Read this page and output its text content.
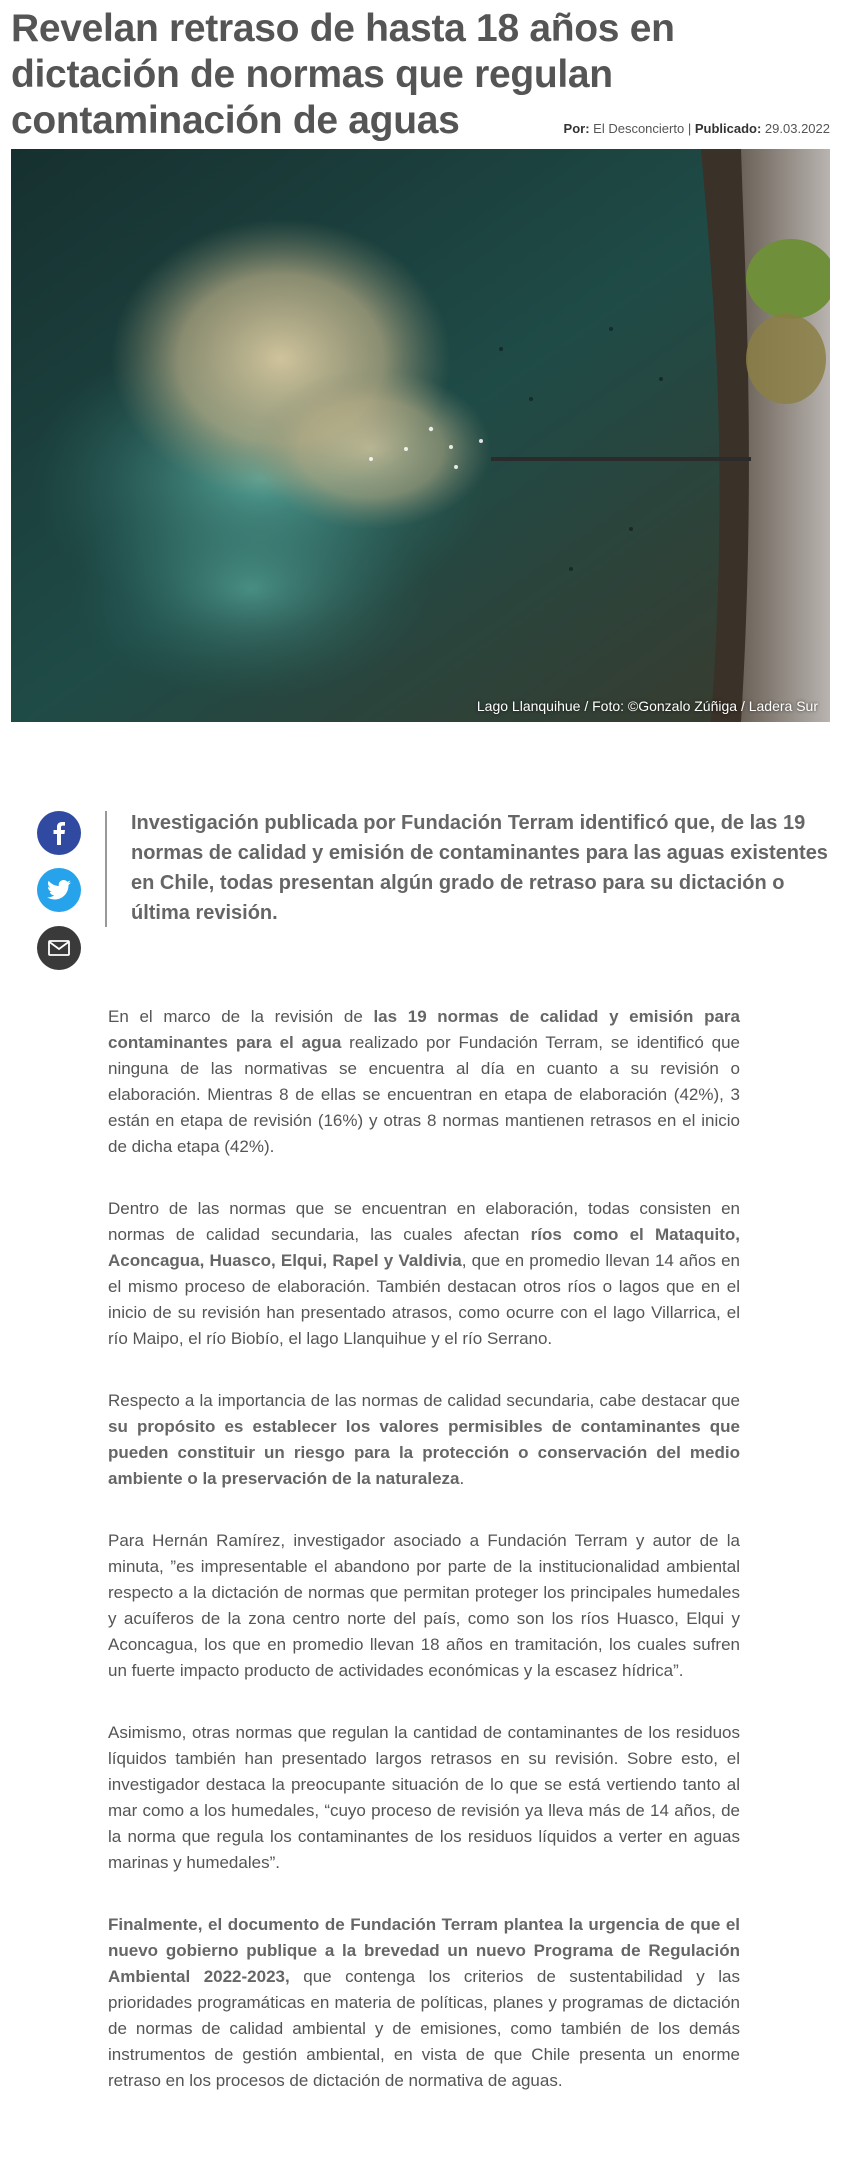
Revelan retraso de hasta 18 años en dictación de normas que regulan contaminación de aguas	Por: El Desconcierto | Publicado: 29.03.2022
Lago Llanquihue / Foto: ©Gonzalo Zúñiga / Ladera Sur

Investigación publicada por Fundación Terram identificó que, de las 19 normas de calidad y emisión de contaminantes para las aguas existentes en Chile, todas presentan algún grado de retraso para su dictación o última revisión.

En el marco de la revisión de las 19 normas de calidad y emisión para contaminantes para el agua realizado por Fundación Terram, se identificó que ninguna de las normativas se encuentra al día en cuanto a su revisión o elaboración. Mientras 8 de ellas se encuentran en etapa de elaboración (42%), 3 están en etapa de revisión (16%) y otras 8 normas mantienen retrasos en el inicio de dicha etapa (42%).

Dentro de las normas que se encuentran en elaboración, todas consisten en normas de calidad secundaria, las cuales afectan ríos como el Mataquito, Aconcagua, Huasco, Elqui, Rapel y Valdivia, que en promedio llevan 14 años en el mismo proceso de elaboración. También destacan otros ríos o lagos que en el inicio de su revisión han presentado atrasos, como ocurre con el lago Villarrica, el río Maipo, el río Biobío, el lago Llanquihue y el río Serrano.

Respecto a la importancia de las normas de calidad secundaria, cabe destacar que su propósito es establecer los valores permisibles de contaminantes que pueden constituir un riesgo para la protección o conservación del medio ambiente o la preservación de la naturaleza.

Para Hernán Ramírez, investigador asociado a Fundación Terram y autor de la minuta, ”es impresentable el abandono por parte de la institucionalidad ambiental respecto a la dictación de normas que permitan proteger los principales humedales y acuíferos de la zona centro norte del país, como son los ríos Huasco, Elqui y Aconcagua, los que en promedio llevan 18 años en tramitación, los cuales sufren un fuerte impacto producto de actividades económicas y la escasez hídrica”.

Asimismo, otras normas que regulan la cantidad de contaminantes de los residuos líquidos también han presentado largos retrasos en su revisión. Sobre esto, el investigador destaca la preocupante situación de lo que se está vertiendo tanto al mar como a los humedales, “cuyo proceso de revisión ya lleva más de 14 años, de la norma que regula los contaminantes de los residuos líquidos a verter en aguas marinas y humedales”.

Finalmente, el documento de Fundación Terram plantea la urgencia de que el nuevo gobierno publique a la brevedad un nuevo Programa de Regulación Ambiental 2022-2023, que contenga los criterios de sustentabilidad y las prioridades programáticas en materia de políticas, planes y programas de dictación de normas de calidad ambiental y de emisiones, como también de los demás instrumentos de gestión ambiental, en vista de que Chile presenta un enorme retraso en los procesos de dictación de normativa de aguas.
